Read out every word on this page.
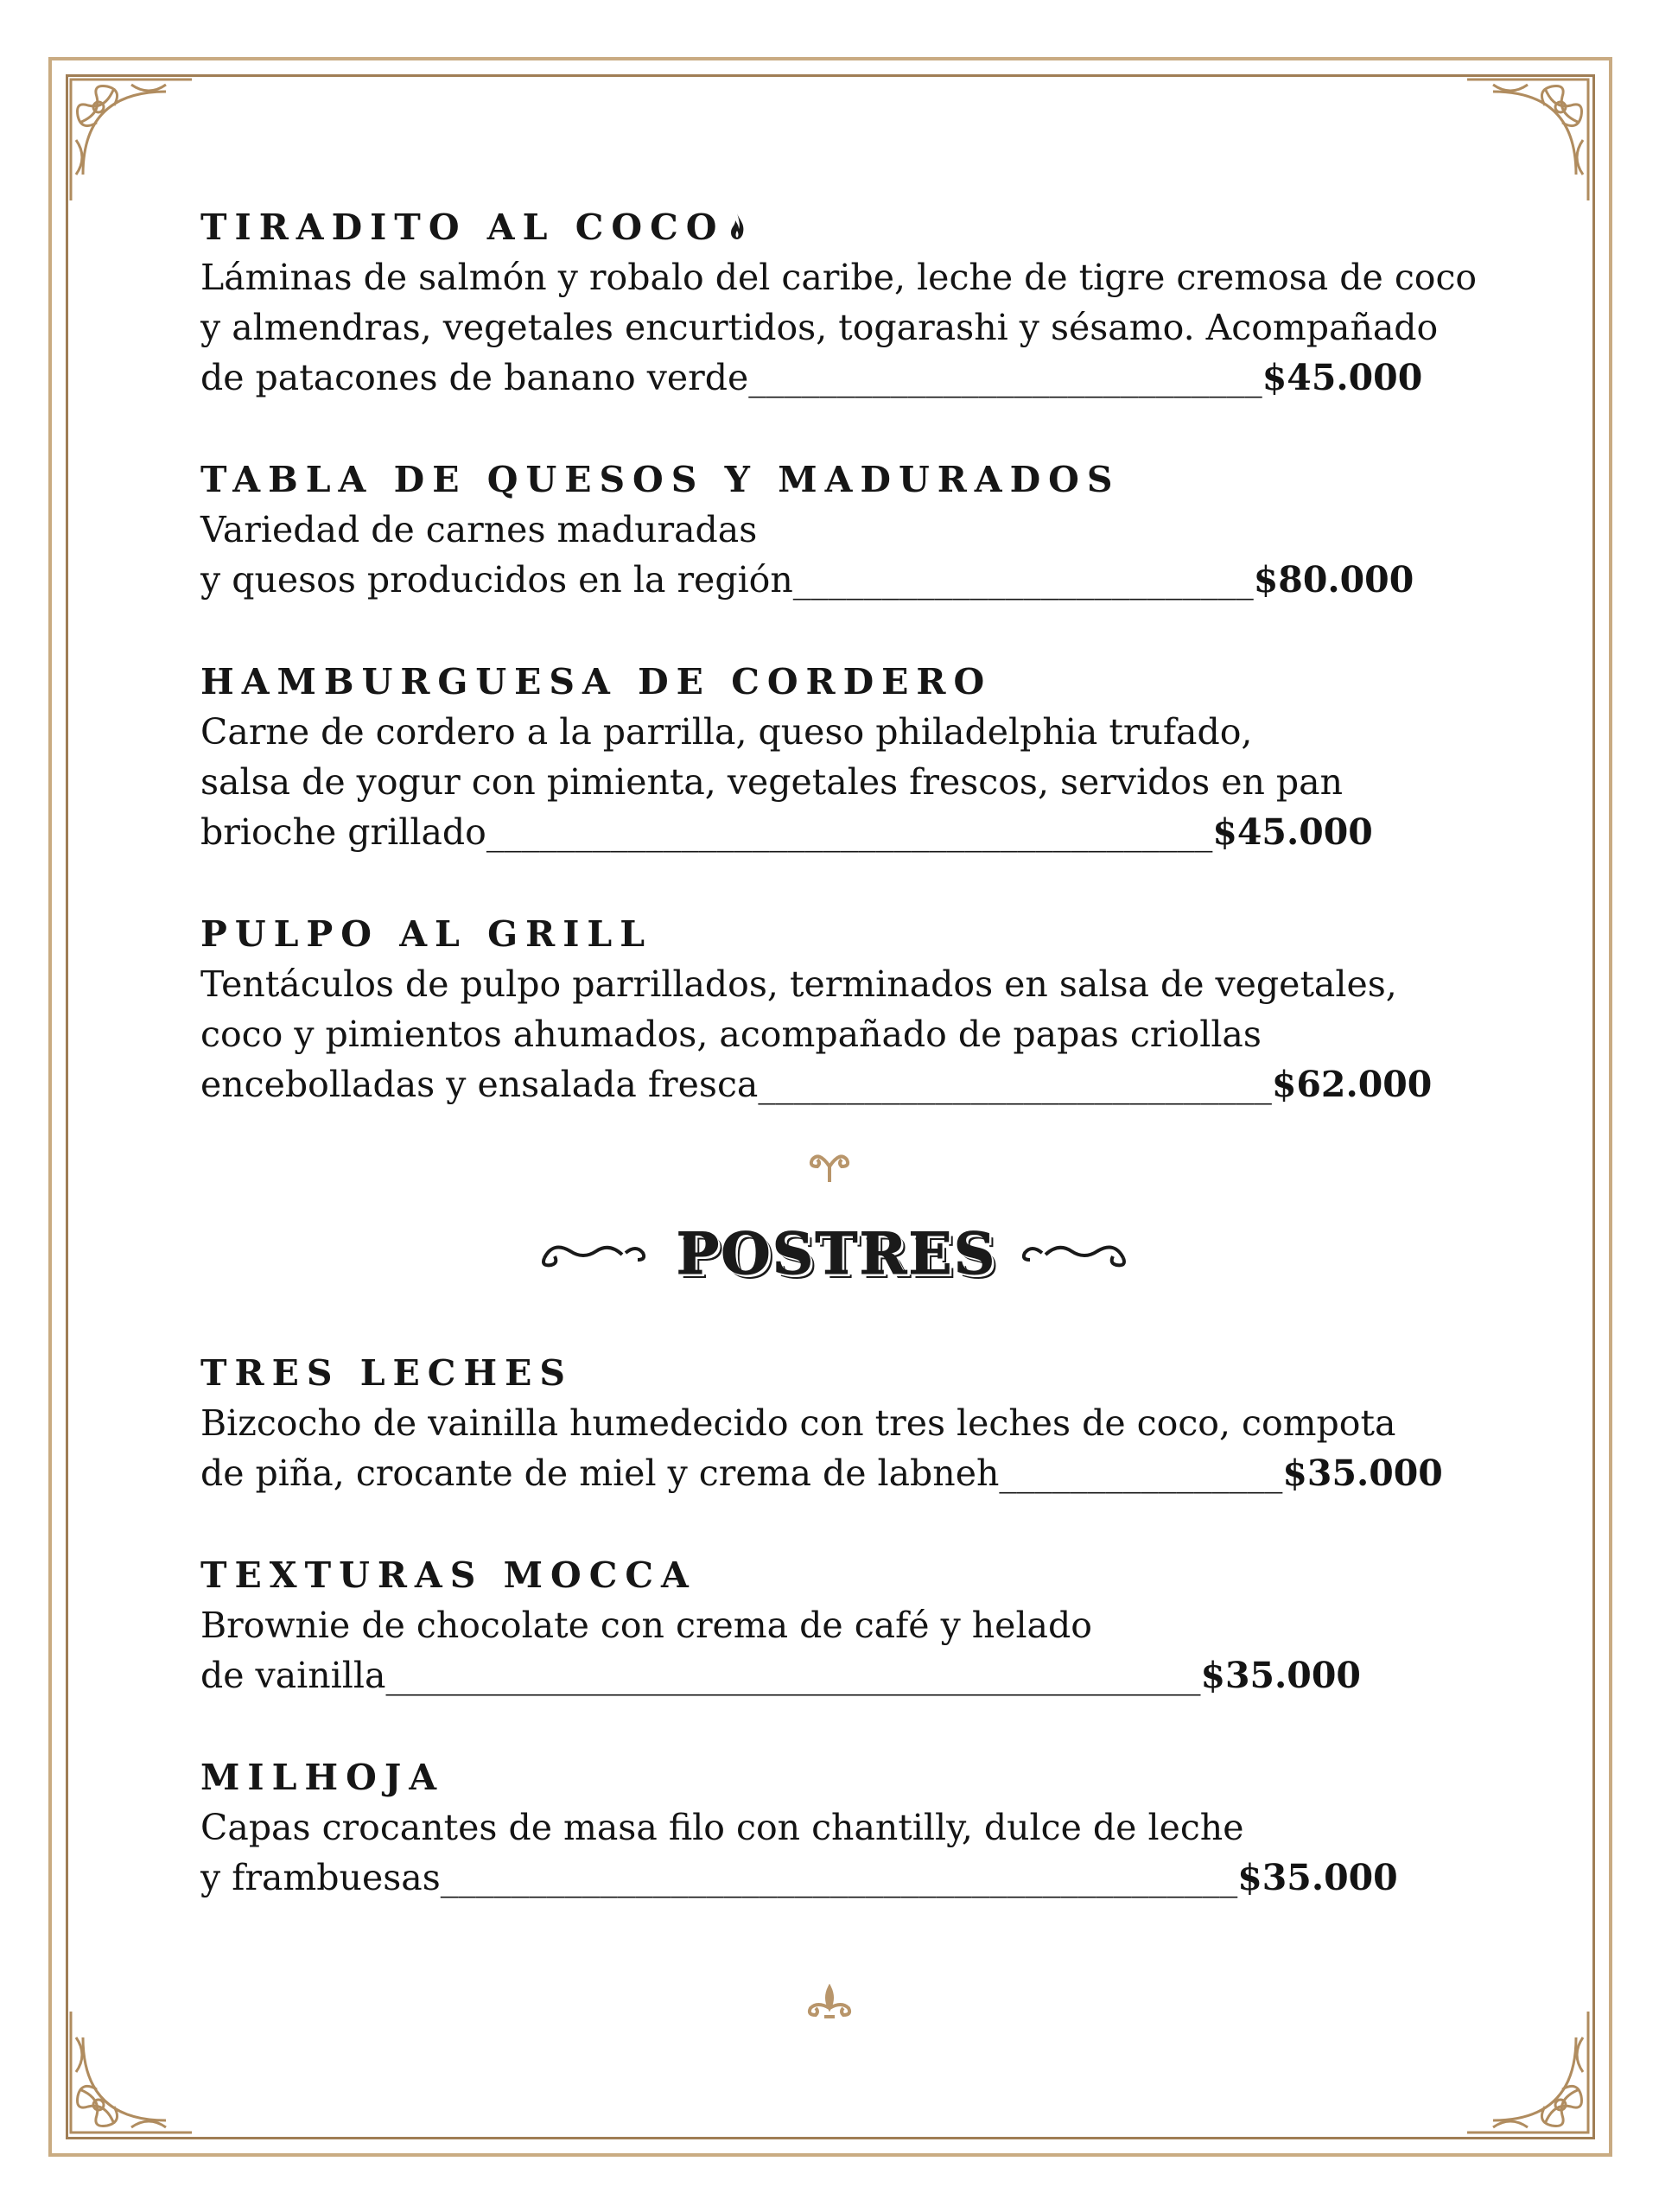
TIRADITO AL COCO
Láminas de salmón y robalo del caribe, leche de tigre cremosa de coco
y almendras, vegetales encurtidos, togarashi y sésamo. Acompañado
de patacones de banano verde_____________________________$45.000
TABLA DE QUESOS Y MADURADOS
Variedad de carnes maduradas
y quesos producidos en la región__________________________$80.000
HAMBURGUESA DE CORDERO
Carne de cordero a la parrilla, queso philadelphia trufado,
salsa de yogur con pimienta, vegetales frescos, servidos en pan
brioche grillado_________________________________________$45.000
PULPO AL GRILL
Tentáculos de pulpo parrillados, terminados en salsa de vegetales,
coco y pimientos ahumados, acompañado de papas criollas
encebolladas y ensalada fresca_____________________________$62.000
POSTRES
TRES LECHES
Bizcocho de vainilla humedecido con tres leches de coco, compota
de piña, crocante de miel y crema de labneh________________$35.000
TEXTURAS MOCCA
Brownie de chocolate con crema de café y helado
de vainilla______________________________________________$35.000
MILHOJA
Capas crocantes de masa filo con chantilly, dulce de leche
y frambuesas_____________________________________________$35.000
